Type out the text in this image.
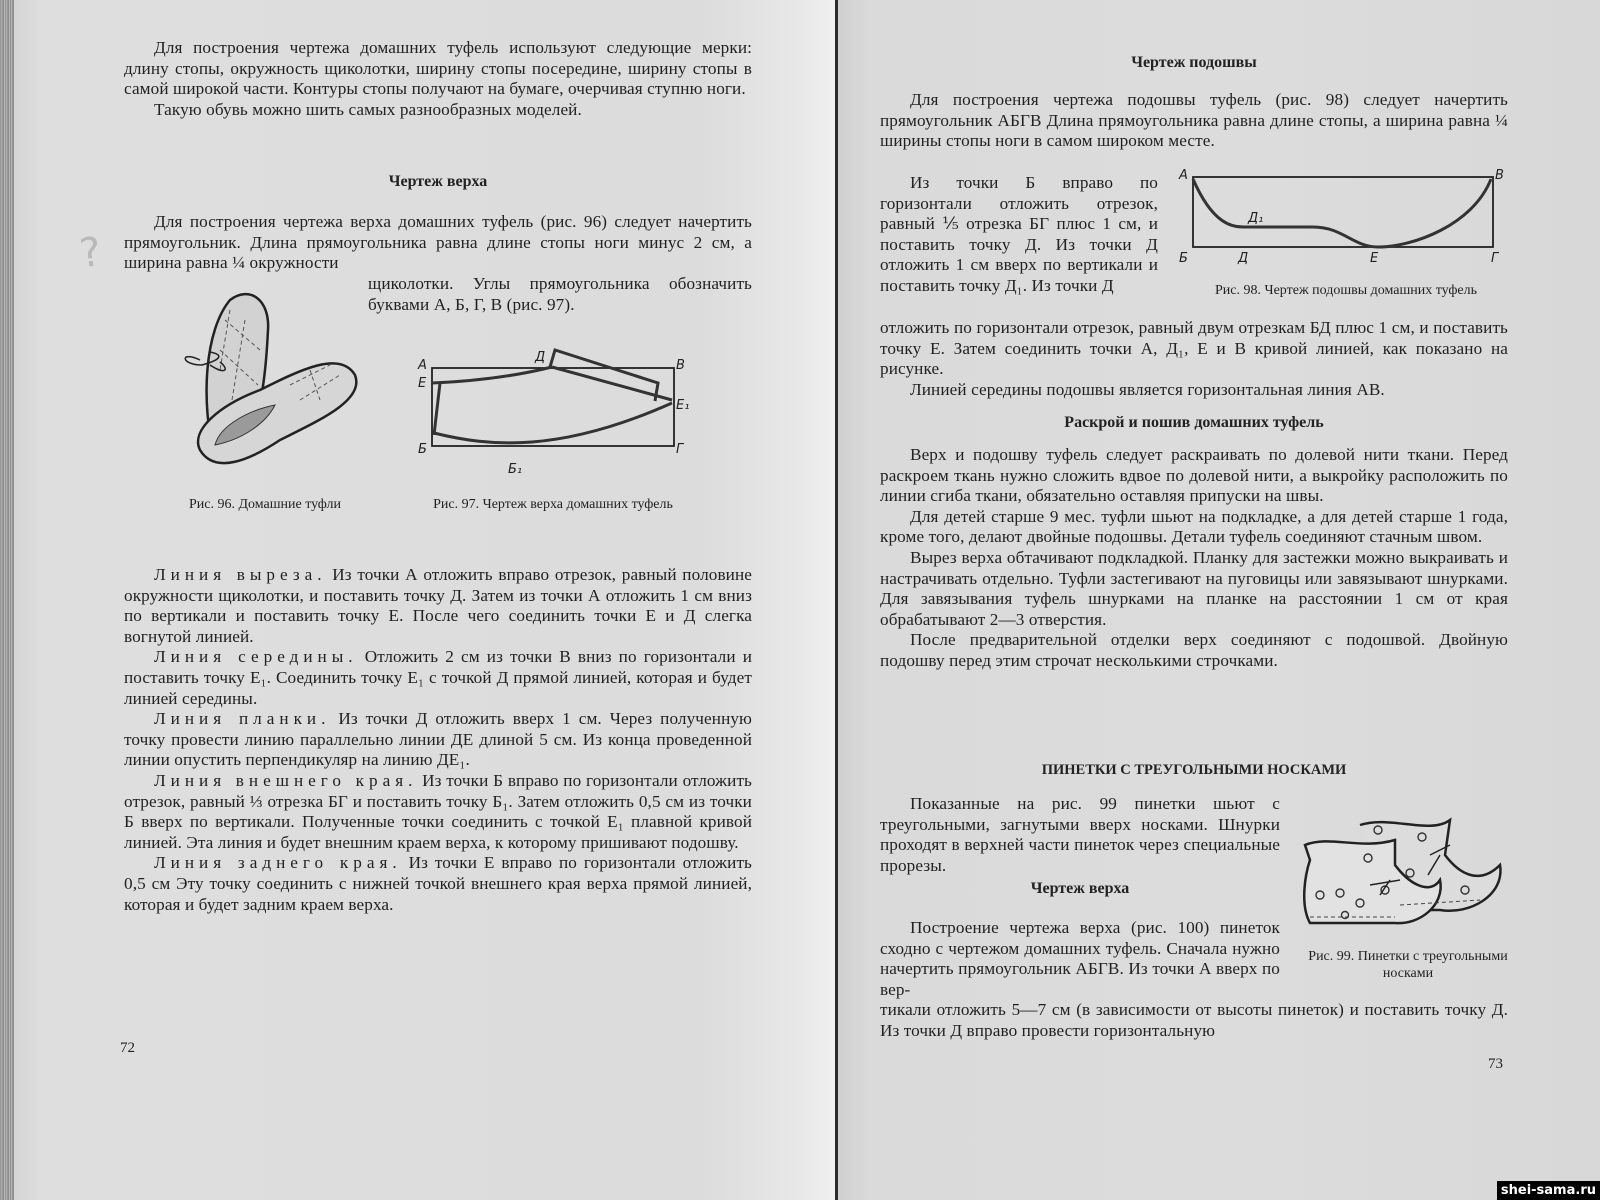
?

Для построения чертежа домашних туфель используют следующие мерки: длину стопы, окружность щиколотки, ширину стопы посередине, ширину стопы в самой широкой части. Контуры стопы получают на бумаге, очерчивая ступню ноги.

Такую обувь можно шить самых разнообразных моделей.

Чертеж верха

Для построения чертежа верха домашних туфель (рис. 96) следует начертить прямоугольник. Длина прямоугольника равна длине стопы ноги минус 2 см, а ширина равна ¼ окружности

щиколотки. Углы прямоугольника обозначить буквами А, Б, Г, В (рис. 97).

А
Е
Б
Д
В
Е₁
Г
Б₁
Рис. 96. Домашние туфли	Рис. 97. Чертеж верха домашних туфель

Линия выреза. Из точки А отложить вправо отрезок, равный половине окружности щиколотки, и поставить точку Д. Затем из точки А отложить 1 см вниз по вертикали и поставить точку Е. После чего соединить точки Е и Д слегка вогнутой линией.

Линия середины. Отложить 2 см из точки В вниз по горизонтали и поставить точку Е₁. Соединить точку Е₁ с точкой Д прямой линией, которая и будет линией середины.

Линия планки. Из точки Д отложить вверх 1 см. Через полученную точку провести линию параллельно линии ДЕ длиной 5 см. Из конца проведенной линии опустить перпендикуляр на линию ДЕ₁.

Линия внешнего края. Из точки Б вправо по горизонтали отложить отрезок, равный ⅓ отрезка БГ и поставить точку Б₁. Затем отложить 0,5 см из точки Б вверх по вертикали. Полученные точки соединить с точкой Е₁ плавной кривой линией. Эта линия и будет внешним краем верха, к которому пришивают подошву.

Линия заднего края. Из точки Е вправо по горизонтали отложить 0,5 см Эту точку соединить с нижней точкой внешнего края верха прямой линией, которая и будет задним краем верха.

72
Чертеж подошвы

Для построения чертежа подошвы туфель (рис. 98) следует начертить прямоугольник АБГВ Длина прямоугольника равна длине стопы, а ширина равна ¼ ширины стопы ноги в самом широком месте.

Из точки Б вправо по горизонтали отложить отрезок, равный ⅕ отрезка БГ плюс 1 см, и поставить точку Д. Из точки Д отложить 1 см вверх по вертикали и поставить точку Д₁. Из точки Д

А	В
Б	Д
Д₁
Е	Г
Рис. 98. Чертеж подошвы домашних туфель

отложить по горизонтали отрезок, равный двум отрезкам БД плюс 1 см, и поставить точку Е. Затем соединить точки А, Д₁, Е и В кривой линией, как показано на рисунке.

Линией середины подошвы является горизонтальная линия АВ.

Раскрой и пошив домашних туфель

Верх и подошву туфель следует раскраивать по долевой нити ткани. Перед раскроем ткань нужно сложить вдвое по долевой нити, а выкройку расположить по линии сгиба ткани, обязательно оставляя припуски на швы.

Для детей старше 9 мес. туфли шьют на подкладке, а для детей старше 1 года, кроме того, делают двойные подошвы. Детали туфель соединяют стачным швом.

Вырез верха обтачивают подкладкой. Планку для застежки можно выкраивать и настрачивать отдельно. Туфли застегивают на пуговицы или завязывают шнурками. Для завязывания туфель шнурками на планке на расстоянии 1 см от края обрабатывают 2—3 отверстия.

После предварительной отделки верх соединяют с подошвой. Двойную подошву перед этим строчат несколькими строчками.

ПИНЕТКИ С ТРЕУГОЛЬНЫМИ НОСКАМИ

Показанные на рис. 99 пинетки шьют с треугольными, загнутыми вверх носками. Шнурки проходят в верхней части пинеток через специальные прорезы.

Чертеж верха

Построение чертежа верха (рис. 100) пинеток сходно с чертежом домашних туфель. Сначала нужно начертить прямоугольник АБГВ. Из точки А вверх по вер-

тикали отложить 5—7 см (в зависимости от высоты пинеток) и поставить точку Д. Из точки Д вправо провести горизонтальную

Рис. 99. Пинетки с треугольными носками
73
shei-sama.ru
